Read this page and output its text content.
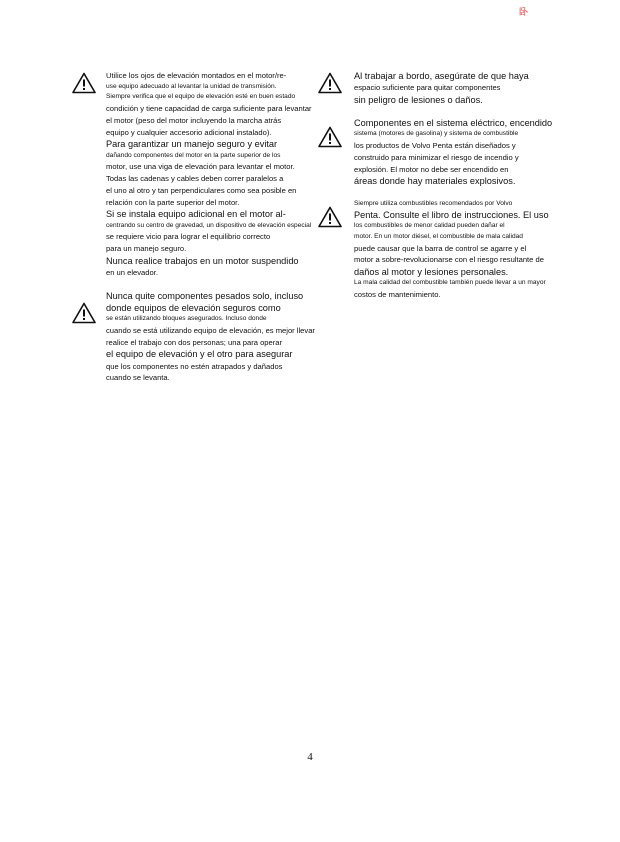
卧
Utilice los ojos de elevación montados en el motor/re-
use equipo adecuado al levantar la unidad de transmisión.
Siempre verifica que el equipo de elevación esté en buen estado
condición y tiene capacidad de carga suficiente para levantar
el motor (peso del motor incluyendo la marcha atrás
equipo y cualquier accesorio adicional instalado).
Para garantizar un manejo seguro y evitar
dañando componentes del motor en la parte superior de los
motor, use una viga de elevación para levantar el motor.
Todas las cadenas y cables deben correr paralelos a
el uno al otro y tan perpendiculares como sea posible en
relación con la parte superior del motor.
Si se instala equipo adicional en el motor al-
centrando su centro de gravedad, un dispositivo de elevación especial
se requiere vicio para lograr el equilibrio correcto
para un manejo seguro.
Nunca realice trabajos en un motor suspendido
en un elevador.
Nunca quite componentes pesados solo, incluso
donde equipos de elevación seguros como
se están utilizando bloques asegurados. Incluso donde
cuando se está utilizando equipo de elevación, es mejor llevar
realice el trabajo con dos personas; una para operar
el equipo de elevación y el otro para asegurar
que los componentes no estén atrapados y dañados
cuando se levanta.
Al trabajar a bordo, asegúrate de que haya
espacio suficiente para quitar componentes
sin peligro de lesiones o daños.
Componentes en el sistema eléctrico, encendido
sistema (motores de gasolina) y sistema de combustible
los productos de Volvo Penta están diseñados y
construido para minimizar el riesgo de incendio y
explosión. El motor no debe ser encendido en
áreas donde hay materiales explosivos.
Siempre utiliza combustibles recomendados por Volvo
Penta. Consulte el libro de instrucciones. El uso
los combustibles de menor calidad pueden dañar el
motor. En un motor diésel, el combustible de mala calidad
puede causar que la barra de control se agarre y el
motor a sobre-revolucionarse con el riesgo resultante de
daños al motor y lesiones personales.
La mala calidad del combustible también puede llevar a un mayor
costos de mantenimiento.
4
